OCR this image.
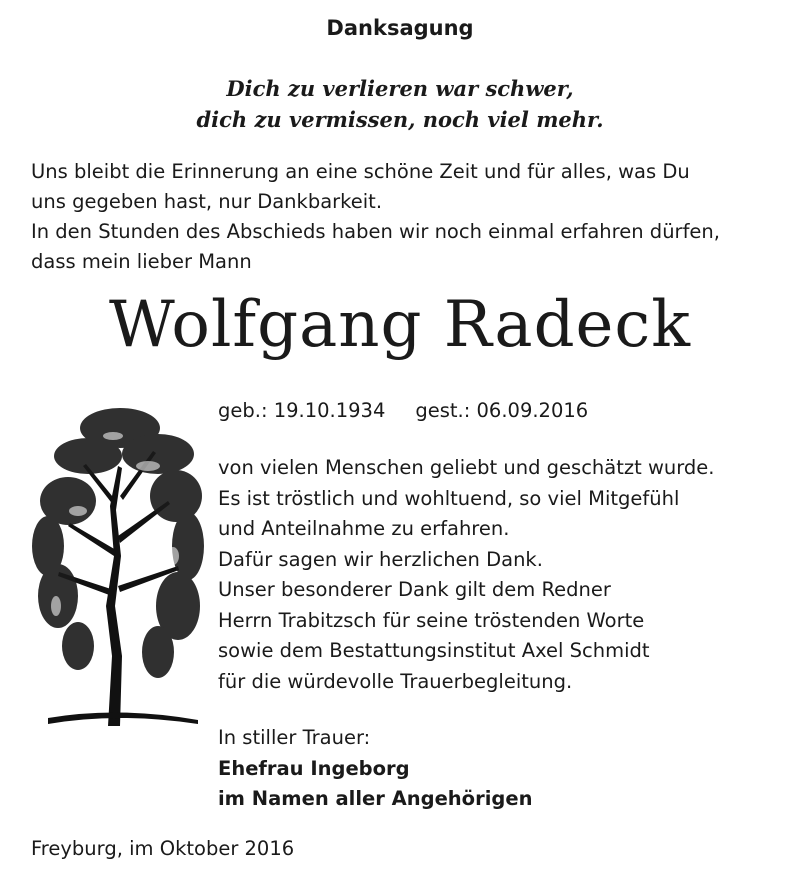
Danksagung
Dich zu verlieren war schwer,
dich zu vermissen, noch viel mehr.
Uns bleibt die Erinnerung an eine schöne Zeit und für alles, was Du
uns gegeben hast, nur Dankbarkeit.
In den Stunden des Abschieds haben wir noch einmal erfahren dürfen,
dass mein lieber Mann
Wolfgang Radeck
geb.: 19.10.1934 gest.: 06.09.2016
von vielen Menschen geliebt und geschätzt wurde.
Es ist tröstlich und wohltuend, so viel Mitgefühl
und Anteilnahme zu erfahren.
Dafür sagen wir herzlichen Dank.
Unser besonderer Dank gilt dem Redner
Herrn Trabitzsch für seine tröstenden Worte
sowie dem Bestattungsinstitut Axel Schmidt
für die würdevolle Trauerbegleitung.
In stiller Trauer:
Ehefrau Ingeborg
im Namen aller Angehörigen
Freyburg, im Oktober 2016
